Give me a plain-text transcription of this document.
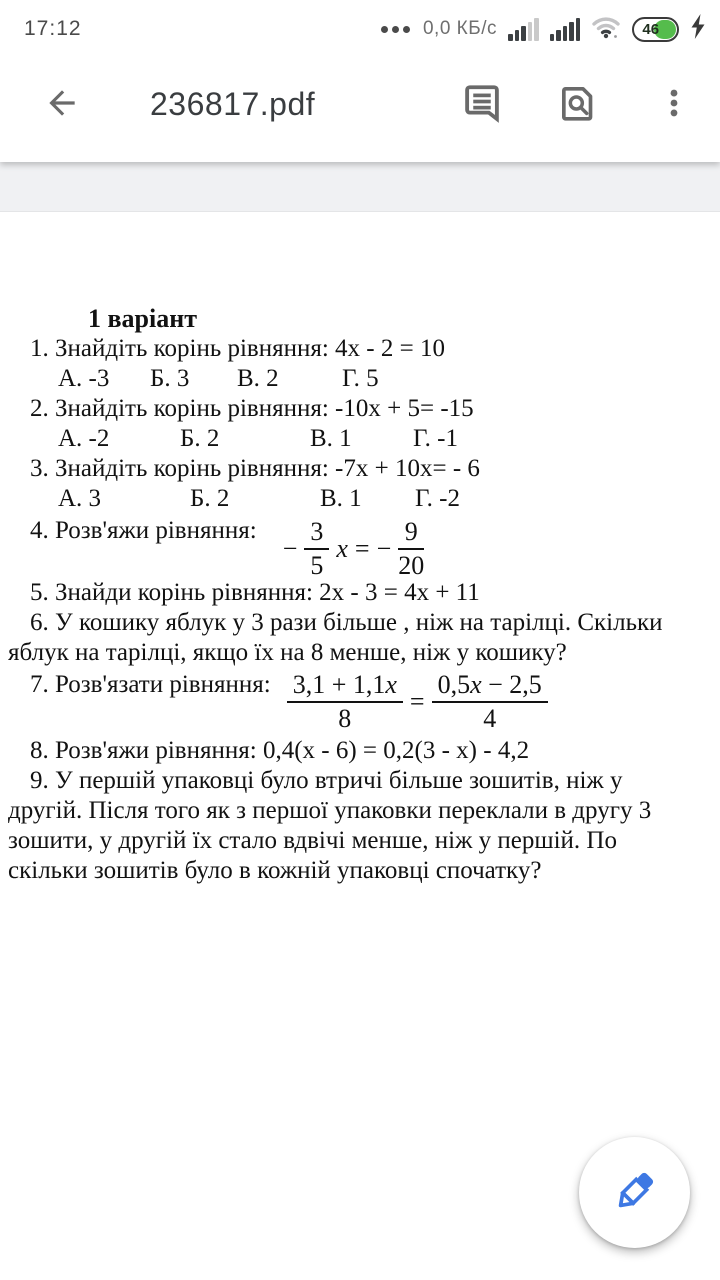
17:12	0,0 КБ/с	46
236817.pdf
1 варіант
1. Знайдіть корінь рівняння: 4x - 2 = 10
А. -3 Б. 3 В. 2	Г. 5
2. Знайдіть корінь рівняння: -10x + 5= -15
А. -2	Б. 2	В. 1 Г. -1
3. Знайдіть корінь рівняння: -7x + 10x= - 6
А. 3	Б. 2	В. 1 Г. -2
4. Розв'яжи рівняння:
− $\frac{3}{5}$ x = − $\frac{9}{20}$
5. Знайди корінь рівняння: 2x - 3 = 4x + 11
6. У кошику яблук у 3 рази більше , ніж на тарілці. Скільки
яблук на тарілці, якщо їх на 8 менше, ніж у кошику?
7. Розв'язати рівняння: $\frac{3,1 + 1,1x}{8} = \frac{0,5x - 2,5}{4}$
8. Розв'яжи рівняння: 0,4(x - 6) = 0,2(3 - x) - 4,2
9. У першій упаковці було втричі більше зошитів, ніж у
другій. Після того як з першої упаковки переклали в другу 3
зошити, у другій їх стало вдвічі менше, ніж у першій. По
скільки зошитів було в кожній упаковці спочатку?
